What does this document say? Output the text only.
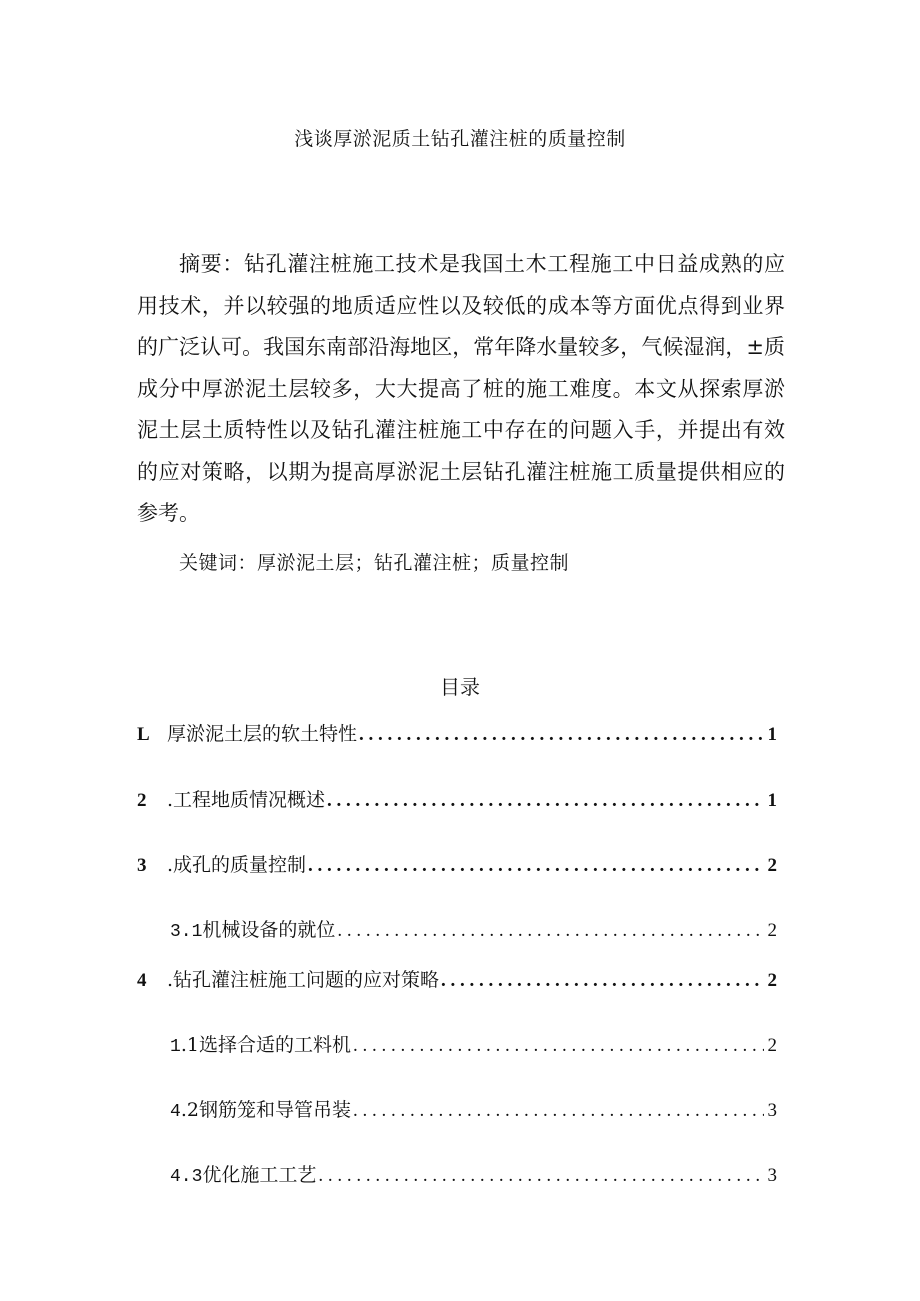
浅谈厚淤泥质土钻孔灌注桩的质量控制

摘要：钻孔灌注桩施工技术是我国土木工程施工中日益成熟的应用技术，并以较强的地质适应性以及较低的成本等方面优点得到业界的广泛认可。我国东南部沿海地区，常年降水量较多，气候湿润，±质成分中厚淤泥土层较多，大大提高了桩的施工难度。本文从探索厚淤泥土层土质特性以及钻孔灌注桩施工中存在的问题入手，并提出有效的应对策略，以期为提高厚淤泥土层钻孔灌注桩施工质量提供相应的参考。

关键词：厚淤泥土层；钻孔灌注桩；质量控制
目录
L 厚淤泥土层的软土特性 . . .	1
2	.工程地质情况概述 . . .	1
3	.成孔的质量控制 . . .	2
3.1 机械设备的就位 . . .	2
4	.钻孔灌注桩施工问题的应对策略 . . .	2
1 .1选择合适的工料机 . . .	2
4 .2钢筋笼和导管吊装 . . .	3
4.3 优化施工工艺 . . .	3
